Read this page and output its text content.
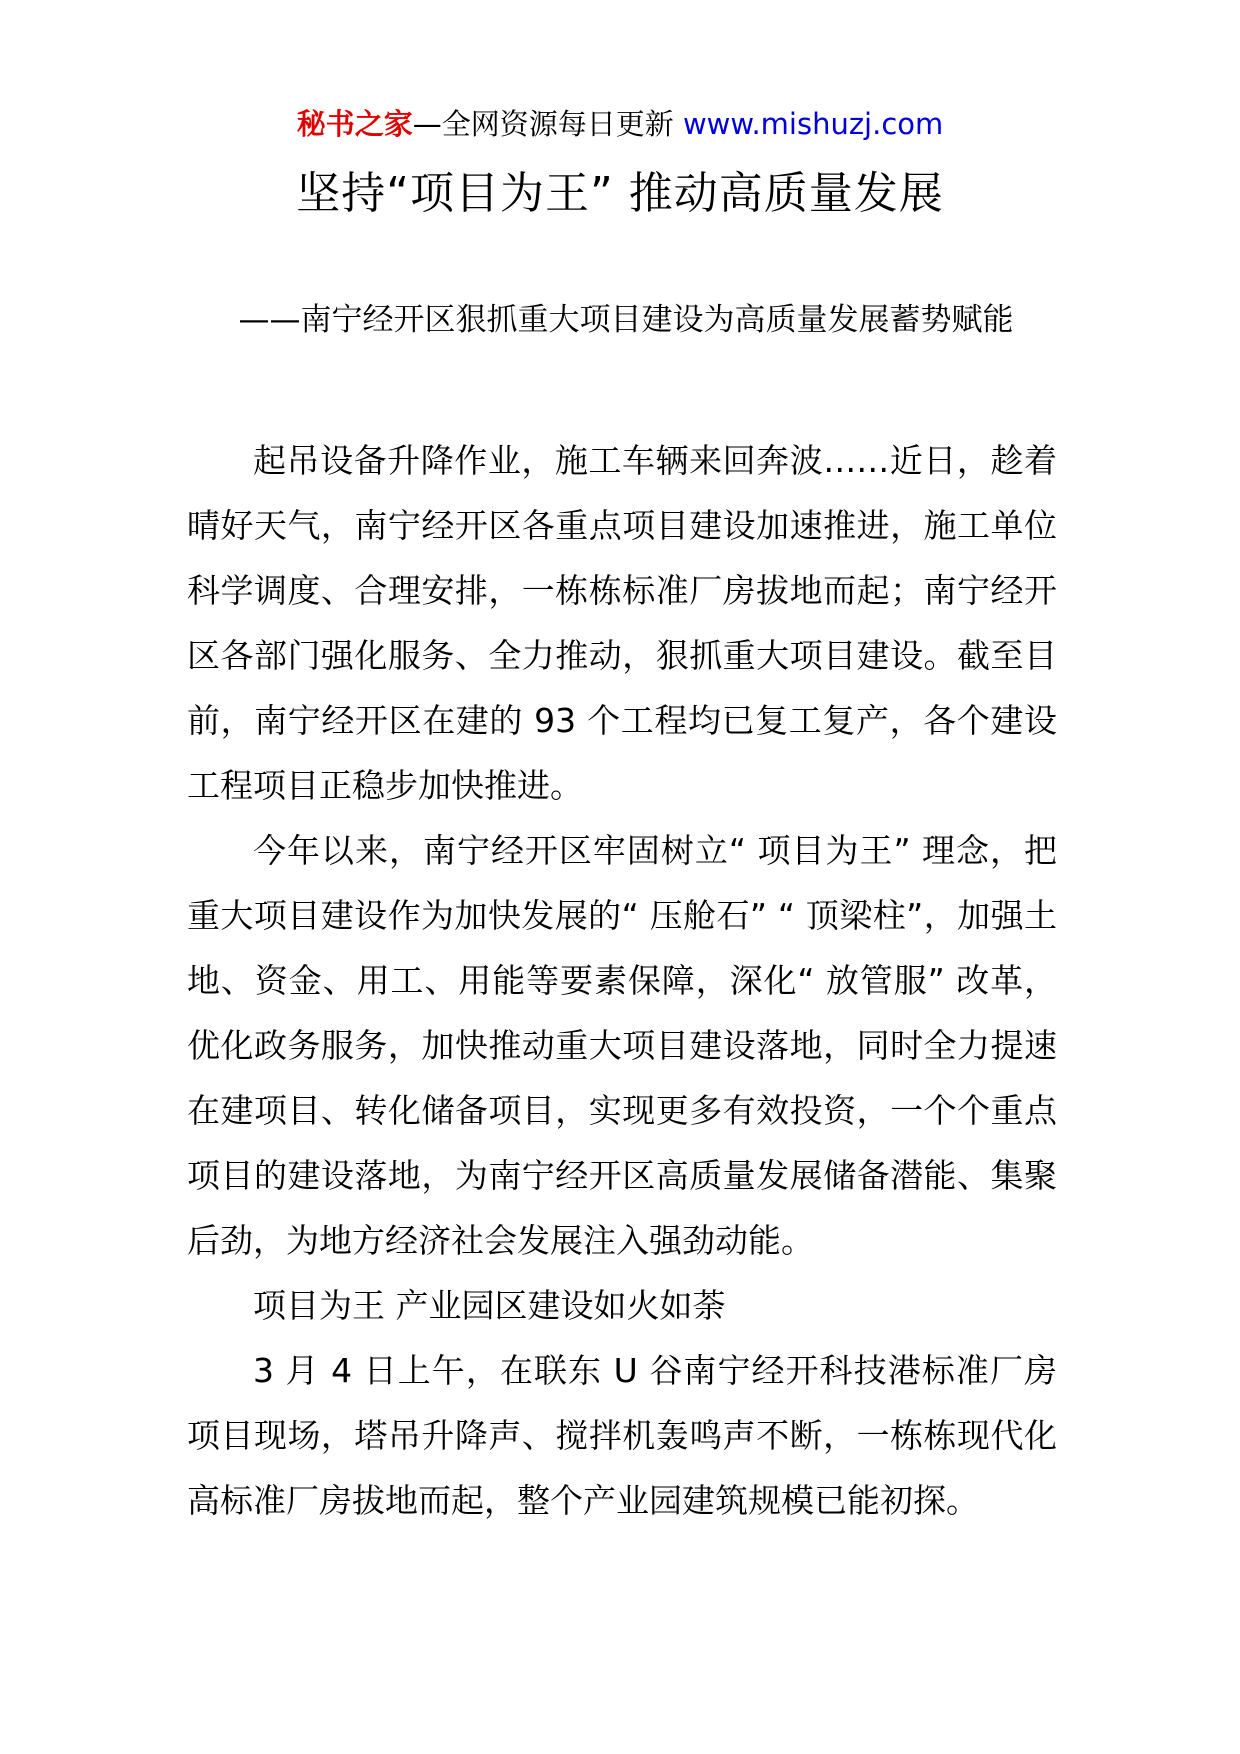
秘书之家—全网资源每日更新 www.mishuzj.com
坚持“项目为王” 推动高质量发展
——南宁经开区狠抓重大项目建设为高质量发展蓄势赋能

起吊设备升降作业，施工车辆来回奔波……近日，趁着晴好天气，南宁经开区各重点项目建设加速推进，施工单位科学调度、合理安排，一栋栋标准厂房拔地而起；南宁经开区各部门强化服务、全力推动，狠抓重大项目建设。截至目前，南宁经开区在建的 93 个工程均已复工复产，各个建设工程项目正稳步加快推进。

今年以来，南宁经开区牢固树立“ 项目为王” 理念，把重大项目建设作为加快发展的“ 压舱石” “ 顶梁柱”，加强土地、资金、用工、用能等要素保障，深化“ 放管服” 改革，优化政务服务，加快推动重大项目建设落地，同时全力提速在建项目、转化储备项目，实现更多有效投资，一个个重点项目的建设落地，为南宁经开区高质量发展储备潜能、集聚后劲，为地方经济社会发展注入强劲动能。

项目为王 产业园区建设如火如荼

3 月 4 日上午，在联东 U 谷南宁经开科技港标准厂房项目现场，塔吊升降声、搅拌机轰鸣声不断，一栋栋现代化高标准厂房拔地而起，整个产业园建筑规模已能初探。
